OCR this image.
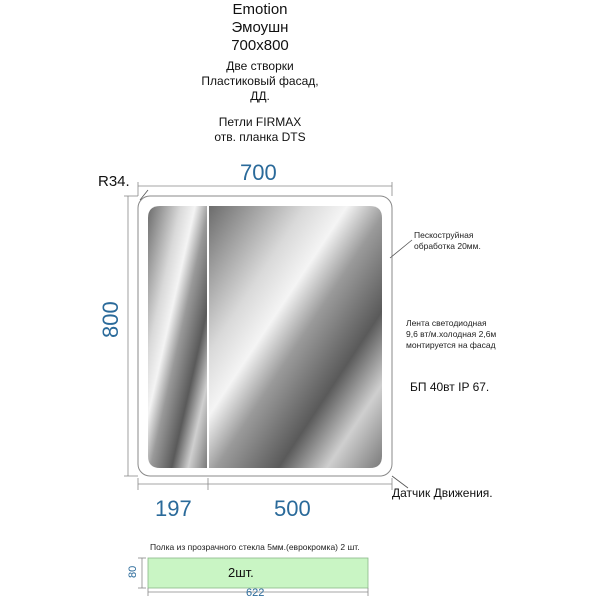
Emotion
Эмоушн
700x800
Две створки
Пластиковый фасад,
ДД.
Петли FIRMAX
отв. планка DTS
R34.	700
800
197	500
Пескоструйная
обработка 20мм.
Лента светодиодная
9,6 вт/м.холодная 2,6м
монтируется на фасад
БП 40вт IP 67.
Датчик Движения.
Полка из прозрачного стекла 5мм.(еврокромка) 2 шт.
2шт.
80
622
